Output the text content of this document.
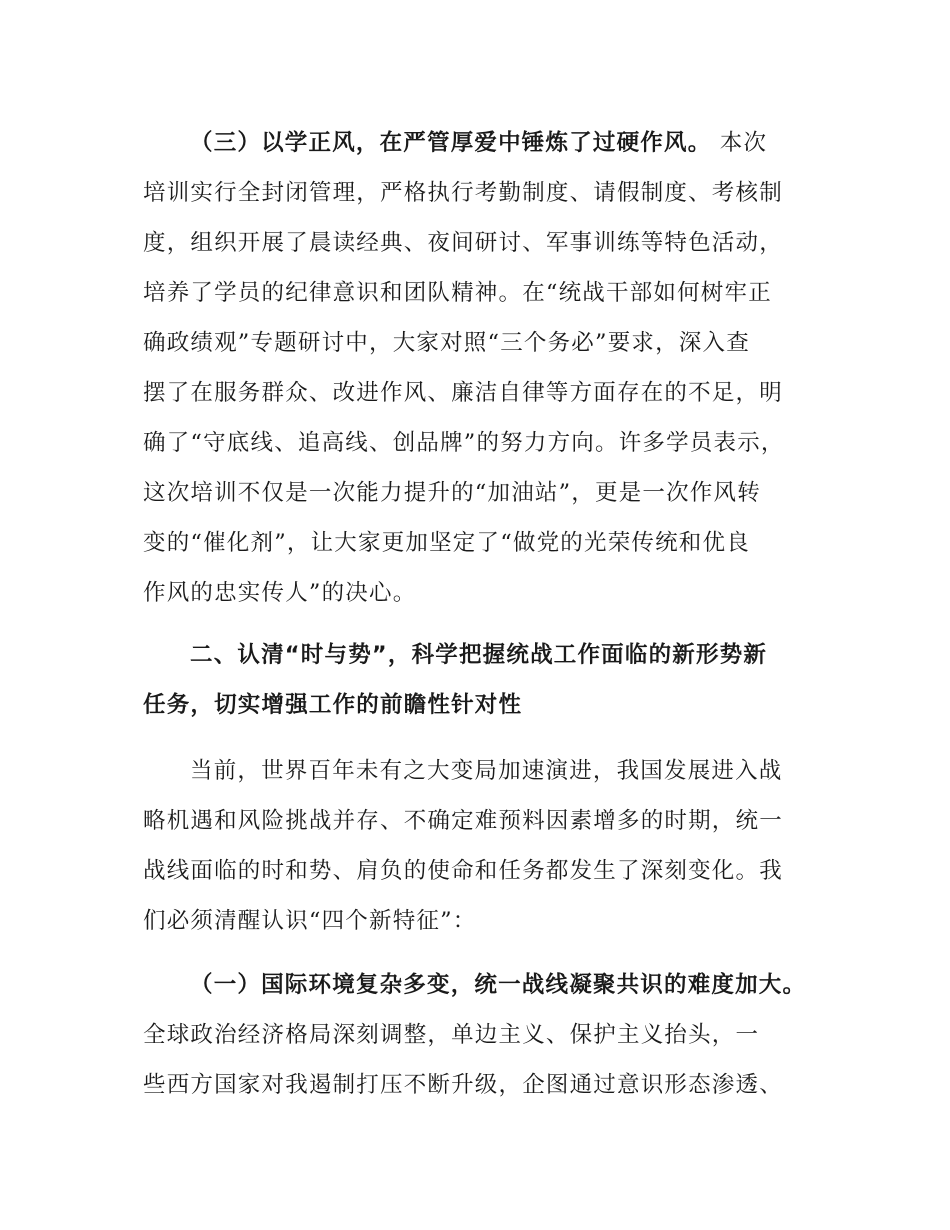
（三）以学正风，在严管厚爱中锤炼了过硬作风。 本次
培训实行全封闭管理，严格执行考勤制度、请假制度、考核制
度，组织开展了晨读经典、夜间研讨、军事训练等特色活动，
培养了学员的纪律意识和团队精神。在“统战干部如何树牢正
确政绩观”专题研讨中，大家对照“三个务必”要求，深入查
摆了在服务群众、改进作风、廉洁自律等方面存在的不足，明
确了“守底线、追高线、创品牌”的努力方向。许多学员表示，
这次培训不仅是一次能力提升的“加油站”，更是一次作风转
变的“催化剂”，让大家更加坚定了“做党的光荣传统和优良
作风的忠实传人”的决心。
二、认清“时与势”，科学把握统战工作面临的新形势新
任务，切实增强工作的前瞻性针对性
当前，世界百年未有之大变局加速演进，我国发展进入战
略机遇和风险挑战并存、不确定难预料因素增多的时期，统一
战线面临的时和势、肩负的使命和任务都发生了深刻变化。我
们必须清醒认识“四个新特征”：
（一）国际环境复杂多变，统一战线凝聚共识的难度加大。
全球政治经济格局深刻调整，单边主义、保护主义抬头，一
些西方国家对我遏制打压不断升级，企图通过意识形态渗透、
